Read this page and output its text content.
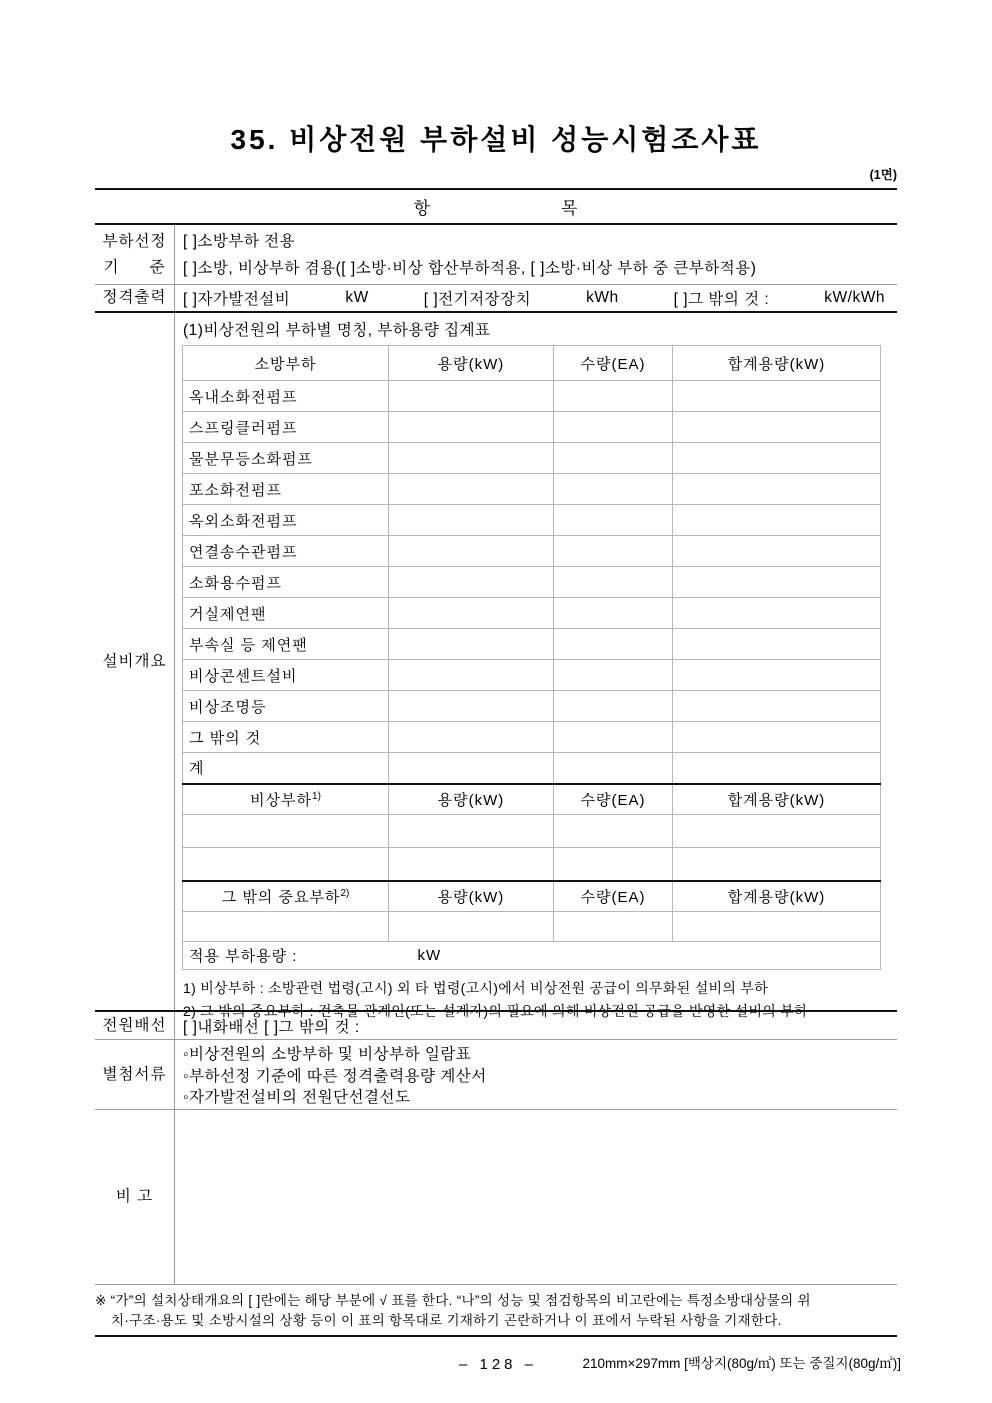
35. 비상전원 부하설비 성능시험조사표
(1면)
항	목
부하선정
기 준
[ ]소방부하 전용
[ ]소방, 비상부하 겸용([ ]소방·비상 합산부하적용, [ ]소방·비상 부하 중 큰부하적용)
정격출력	[ ]자가발전설비	kW	[ ]전기저장장치	kWh	[ ]그 밖의 것 :	kW/kWh
설비개요
(1)비상전원의 부하별 명칭, 부하용량 집계표
소방부하	용량(kW)	수량(EA)	합계용량(kW)
옥내소화전펌프			
스프링클러펌프			
물분무등소화펌프			
포소화전펌프			
옥외소화전펌프			
연결송수관펌프			
소화용수펌프			
거실제연팬			
부속실 등 제연팬			
비상콘센트설비			
비상조명등			
그 밖의 것			
계			
비상부하$^{1)}$	용량(kW)	수량(EA)	합계용량(kW)

그 밖의 중요부하$^{2)}$	용량(kW)	수량(EA)	합계용량(kW)

적용 부하용량 : kW			
1) 비상부하 : 소방관련 법령(고시) 외 타 법령(고시)에서 비상전원 공급이 의무화된 설비의 부하
2) 그 밖의 중요부하 : 건축물 관계인(또는 설계자)의 필요에 의해 비상전원 공급을 반영한 설비의 부하
전원배선	[ ]내화배선 [ ]그 밖의 것 :
별첨서류
◦비상전원의 소방부하 및 비상부하 일람표
◦부하선정 기준에 따른 정격출력용량 계산서
◦자가발전설비의 전원단선결선도
비 고
※ “가”의 설치상태개요의 [ ]란에는 해당 부분에 √ 표를 한다. “나”의 성능 및 점검항목의 비고란에는 특정소방대상물의 위
치·구조·용도 및 소방시설의 상황 등이 이 표의 항목대로 기재하기 곤란하거나 이 표에서 누락된 사항을 기재한다.
– 128 –	210mm×297mm [백상지(80g/㎡) 또는 중질지(80g/㎡)]
